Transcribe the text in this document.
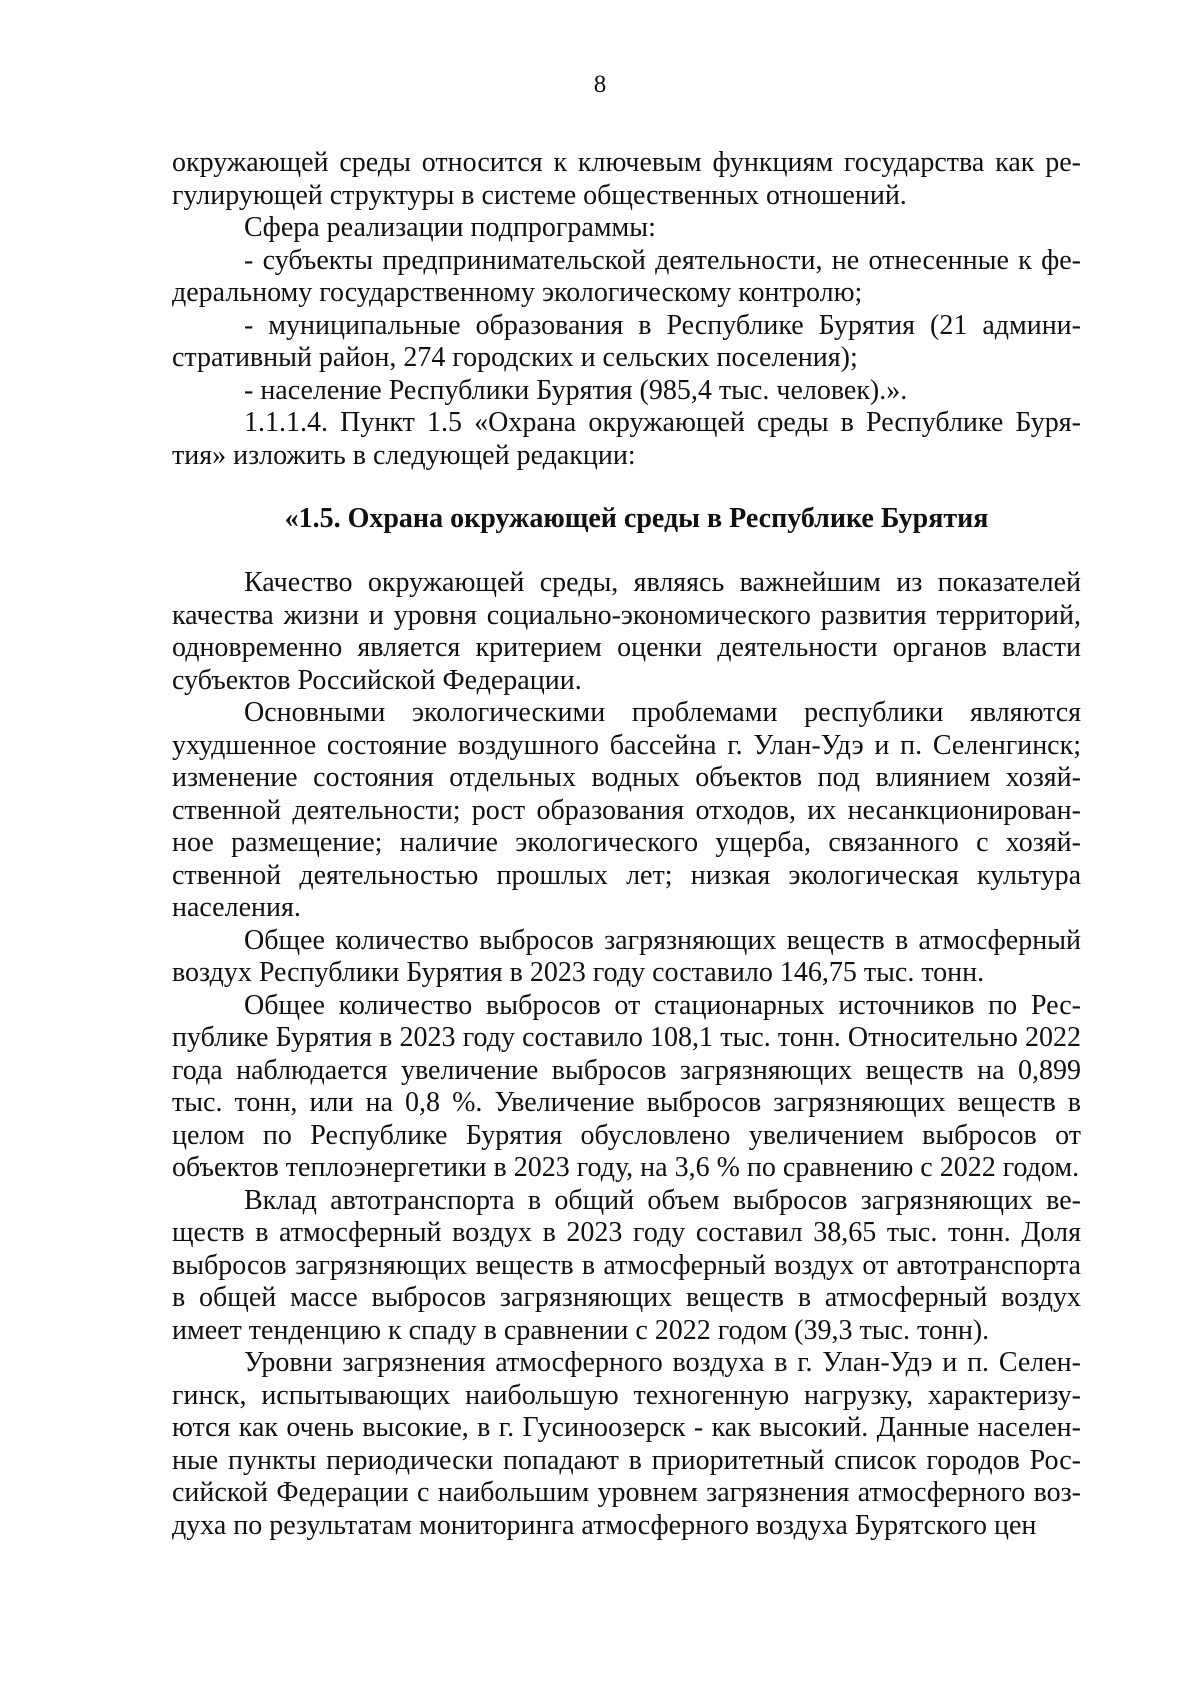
8

окружающей среды относится к ключевым функциям государства как регулирующей структуры в системе общественных отношений.

Сфера реализации подпрограммы:

- субъекты предпринимательской деятельности, не отнесенные к федеральному государственному экологическому контролю;

- муниципальные образования в Республике Бурятия (21 административный район, 274 городских и сельских поселения);

- население Республики Бурятия (985,4 тыс. человек).».

1.1.1.4. Пункт 1.5 «Охрана окружающей среды в Республике Бурятия» изложить в следующей редакции:

«1.5. Охрана окружающей среды в Республике Бурятия

Качество окружающей среды, являясь важнейшим из показателей качества жизни и уровня социально-экономического развития территорий, одновременно является критерием оценки деятельности органов власти субъектов Российской Федерации.

Основными экологическими проблемами республики являются ухудшенное состояние воздушного бассейна г. Улан-Удэ и п. Селенгинск; изменение состояния отдельных водных объектов под влиянием хозяйственной деятельности; рост образования отходов, их несанкционированное размещение; наличие экологического ущерба, связанного с хозяйственной деятельностью прошлых лет; низкая экологическая культура населения.

Общее количество выбросов загрязняющих веществ в атмосферный воздух Республики Бурятия в 2023 году составило 146,75 тыс. тонн.

Общее количество выбросов от стационарных источников по Республике Бурятия в 2023 году составило 108,1 тыс. тонн. Относительно 2022 года наблюдается увеличение выбросов загрязняющих веществ на 0,899 тыс. тонн, или на 0,8 %. Увеличение выбросов загрязняющих веществ в целом по Республике Бурятия обусловлено увеличением выбросов от объектов теплоэнергетики в 2023 году, на 3,6 % по сравнению с 2022 годом.

Вклад автотранспорта в общий объем выбросов загрязняющих веществ в атмосферный воздух в 2023 году составил 38,65 тыс. тонн. Доля выбросов загрязняющих веществ в атмосферный воздух от автотранспорта в общей массе выбросов загрязняющих веществ в атмосферный воздух имеет тенденцию к спаду в сравнении с 2022 годом (39,3 тыс. тонн).

Уровни загрязнения атмосферного воздуха в г. Улан-Удэ и п. Селенгинск, испытывающих наибольшую техногенную нагрузку, характеризуются как очень высокие, в г. Гусиноозерск - как высокий. Данные населенные пункты периодически попадают в приоритетный список городов Российской Федерации с наибольшим уровнем загрязнения атмосферного воздуха по результатам мониторинга атмосферного воздуха Бурятского цен
